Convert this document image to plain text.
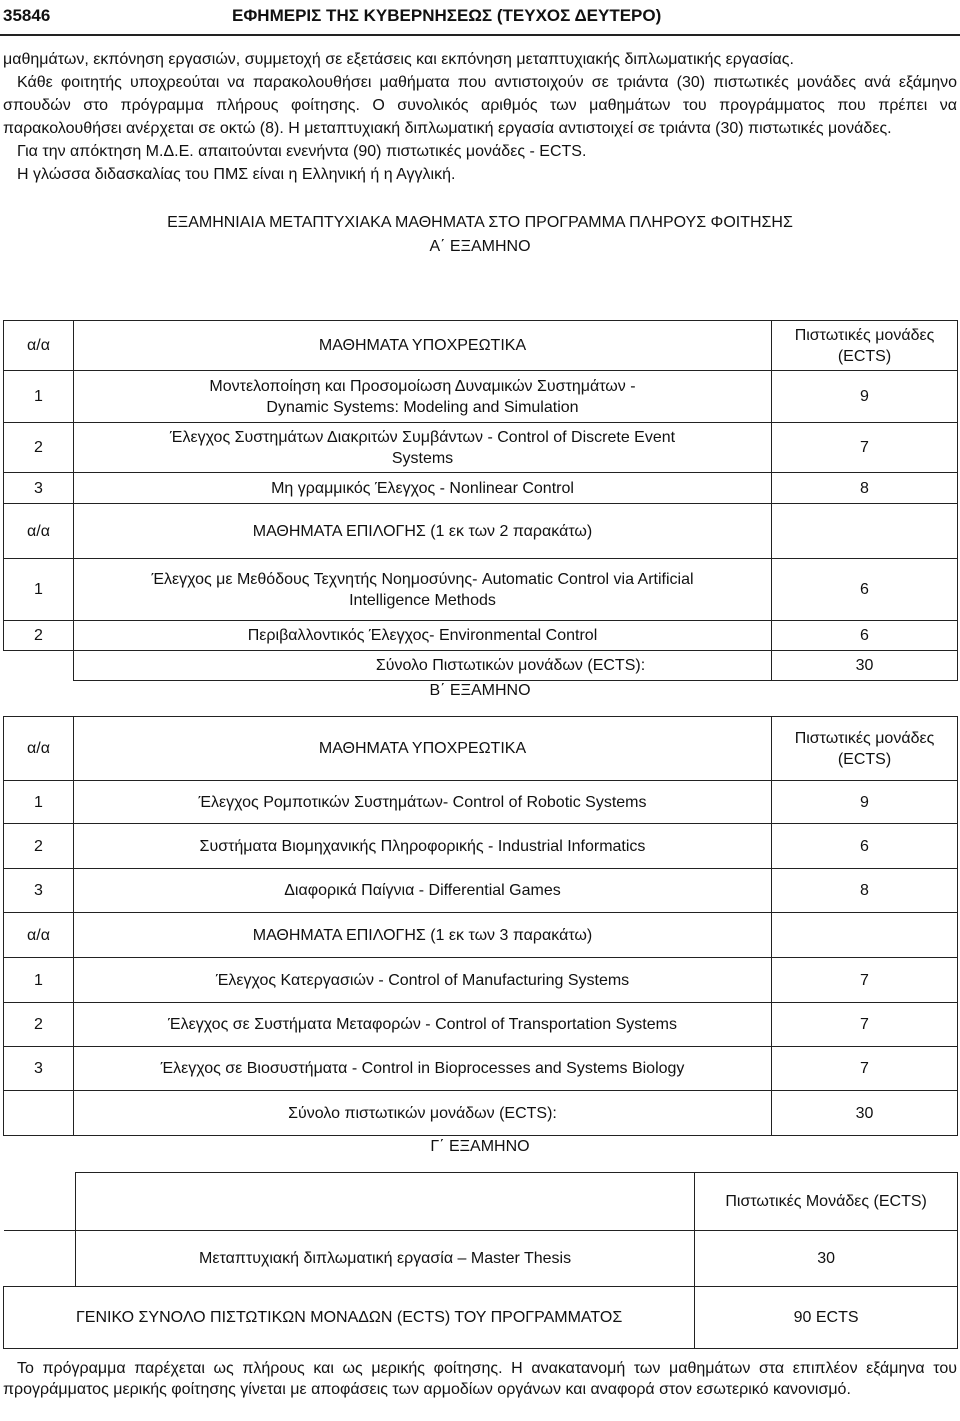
35846	ΕΦΗΜΕΡΙΣ ΤΗΣ ΚΥΒΕΡΝΗΣΕΩΣ (ΤΕΥΧΟΣ ΔΕΥΤΕΡΟ)

μαθημάτων, εκπόνηση εργασιών, συμμετοχή σε εξετάσεις και εκπόνηση μεταπτυχιακής διπλωματικής εργασίας.

Κάθε φοιτητής υποχρεούται να παρακολουθήσει μαθήματα που αντιστοιχούν σε τριάντα (30) πιστωτικές μονάδες ανά εξάμηνο σπουδών στο πρόγραμμα πλήρους φοίτησης. Ο συνολικός αριθμός των μαθημάτων του προγράμματος που πρέπει να παρακολουθήσει ανέρχεται σε οκτώ (8). Η μεταπτυχιακή διπλωματική εργασία αντιστοιχεί σε τριάντα (30) πιστωτικές μονάδες.

Για την απόκτηση Μ.Δ.Ε. απαιτούνται ενενήντα (90) πιστωτικές μονάδες - ECTS.

Η γλώσσα διδασκαλίας του ΠΜΣ είναι η Ελληνική ή η Αγγλική.

ΕΞΑΜΗΝΙΑΙΑ ΜΕΤΑΠΤΥΧΙΑΚΑ ΜΑΘΗΜΑΤΑ ΣΤΟ ΠΡΟΓΡΑΜΜΑ ΠΛΗΡΟΥΣ ΦΟΙΤΗΣΗΣ
Α΄ ΕΞΑΜΗΝΟ
α/α	ΜΑΘΗΜΑΤΑ ΥΠΟΧΡΕΩΤΙΚΑ	Πιστωτικές μονάδες
(ECTS)

1	Μοντελοποίηση και Προσομοίωση Δυναμικών Συστημάτων -
Dynamic Systems: Modeling and Simulation	9
2	Έλεγχος Συστημάτων Διακριτών Συμβάντων - Control of Discrete Event
Systems	7
3	Μη γραμμικός Έλεγχος - Nonlinear Control	8
α/α	ΜΑΘΗΜΑΤΑ ΕΠΙΛΟΓΗΣ (1 εκ των 2 παρακάτω)	
1	Έλεγχος με Μεθόδους Τεχνητής Νοημοσύνης- Automatic Control via Artificial
Intelligence Methods	6
2	Περιβαλλοντικός Έλεγχος- Environmental Control	6
	Σύνολο Πιστωτικών μονάδων (ECTS):	30
Β΄ ΕΞΑΜΗΝΟ
α/α	ΜΑΘΗΜΑΤΑ ΥΠΟΧΡΕΩΤΙΚΑ	Πιστωτικές μονάδες
(ECTS)

1	Έλεγχος Ρομποτικών Συστημάτων- Control of Robotic Systems	9
2	Συστήματα Βιομηχανικής Πληροφορικής - Industrial Informatics	6
3	Διαφορικά Παίγνια - Differential Games	8
α/α	ΜΑΘΗΜΑΤΑ ΕΠΙΛΟΓΗΣ (1 εκ των 3 παρακάτω)	
1	Έλεγχος Κατεργασιών - Control of Manufacturing Systems	7
2	Έλεγχος σε Συστήματα Μεταφορών - Control of Transportation Systems	7
3	Έλεγχος σε Βιοσυστήματα - Control in Bioprocesses and Systems Biology	7
	Σύνολο πιστωτικών μονάδων (ECTS):	30
Γ΄ ΕΞΑΜΗΝΟ
		Πιστωτικές Μονάδες (ECTS)
	Μεταπτυχιακή διπλωματική εργασία – Master Thesis	30
ΓΕΝΙΚΟ ΣΥΝΟΛΟ ΠΙΣΤΩΤΙΚΩΝ ΜΟΝΑΔΩΝ (ECTS) ΤΟΥ ΠΡΟΓΡΑΜΜΑΤΟΣ		90 ECTS

Το πρόγραμμα παρέχεται ως πλήρους και ως μερικής φοίτησης. Η ανακατανομή των μαθημάτων στα επιπλέον εξάμηνα του προγράμματος μερικής φοίτησης γίνεται με αποφάσεις των αρμοδίων οργάνων και αναφορά στον εσωτερικό κανονισμό.
